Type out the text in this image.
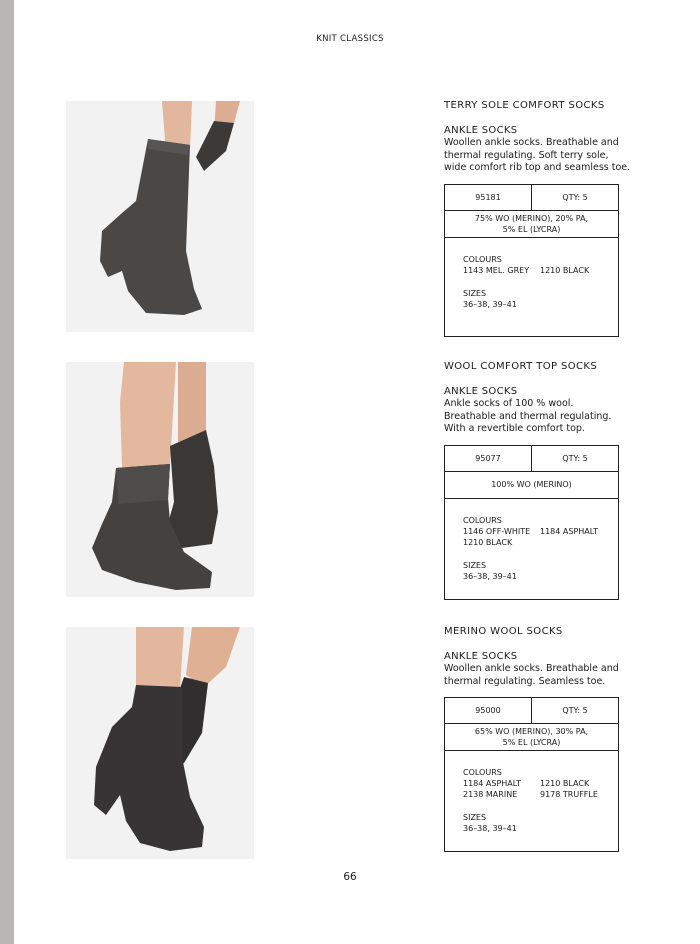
KNIT CLASSICS
TERRY SOLE COMFORT SOCKS
ANKLE SOCKS
Woollen ankle socks. Breathable and
thermal regulating. Soft terry sole,
wide comfort rib top and seamless toe.
95181	QTY: 5
75% WO (MERINO), 20% PA,
5% EL (LYCRA)
COLOURS
1143 MEL. GREY	1210 BLACK
SIZES
36–38, 39–41
WOOL COMFORT TOP SOCKS
ANKLE SOCKS
Ankle socks of 100 % wool.
Breathable and thermal regulating.
With a revertible comfort top.
95077	QTY: 5
100% WO (MERINO)
COLOURS
1146 OFF-WHITE	1184 ASPHALT
1210 BLACK
SIZES
36–38, 39–41
MERINO WOOL SOCKS
ANKLE SOCKS
Woollen ankle socks. Breathable and
thermal regulating. Seamless toe.
95000	QTY: 5
65% WO (MERINO), 30% PA,
5% EL (LYCRA)
COLOURS
1184 ASPHALT	1210 BLACK
2138 MARINE	9178 TRUFFLE
SIZES
36–38, 39–41
66
